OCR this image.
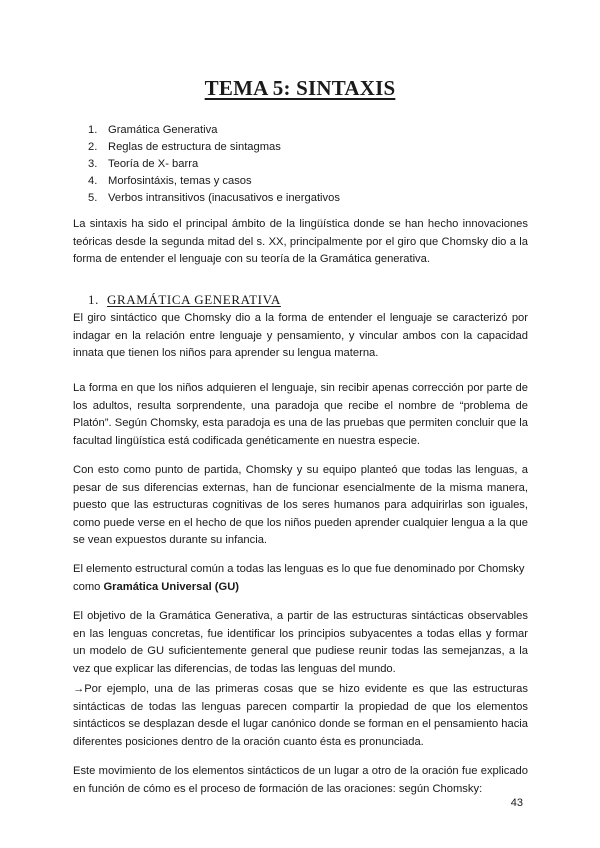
TEMA 5: SINTAXIS
1. Gramática Generativa
2. Reglas de estructura de sintagmas
3. Teoría de X- barra
4. Morfosintáxis, temas y casos
5. Verbos intransitivos (inacusativos e inergativos

La sintaxis ha sido el principal ámbito de la lingüística donde se han hecho innovaciones teóricas desde la segunda mitad del s. XX, principalmente por el giro que Chomsky dio a la forma de entender el lenguaje con su teoría de la Gramática generativa.

1. GRAMÁTICA GENERATIVA

El giro sintáctico que Chomsky dio a la forma de entender el lenguaje se caracterizó por indagar en la relación entre lenguaje y pensamiento, y vincular ambos con la capacidad innata que tienen los niños para aprender su lengua materna.

La forma en que los niños adquieren el lenguaje, sin recibir apenas corrección por parte de los adultos, resulta sorprendente, una paradoja que recibe el nombre de “problema de Platón”. Según Chomsky, esta paradoja es una de las pruebas que permiten concluir que la facultad lingüística está codificada genéticamente en nuestra especie.

Con esto como punto de partida, Chomsky y su equipo planteó que todas las lenguas, a pesar de sus diferencias externas, han de funcionar esencialmente de la misma manera, puesto que las estructuras cognitivas de los seres humanos para adquirirlas son iguales, como puede verse en el hecho de que los niños pueden aprender cualquier lengua a la que se vean expuestos durante su infancia.

El elemento estructural común a todas las lenguas es lo que fue denominado por Chomsky como Gramática Universal (GU)

El objetivo de la Gramática Generativa, a partir de las estructuras sintácticas observables en las lenguas concretas, fue identificar los principios subyacentes a todas ellas y formar un modelo de GU suficientemente general que pudiese reunir todas las semejanzas, a la vez que explicar las diferencias, de todas las lenguas del mundo.

→Por ejemplo, una de las primeras cosas que se hizo evidente es que las estructuras sintácticas de todas las lenguas parecen compartir la propiedad de que los elementos sintácticos se desplazan desde el lugar canónico donde se forman en el pensamiento hacia diferentes posiciones dentro de la oración cuanto ésta es pronunciada.

Este movimiento de los elementos sintácticos de un lugar a otro de la oración fue explicado en función de cómo es el proceso de formación de las oraciones: según Chomsky:

43
